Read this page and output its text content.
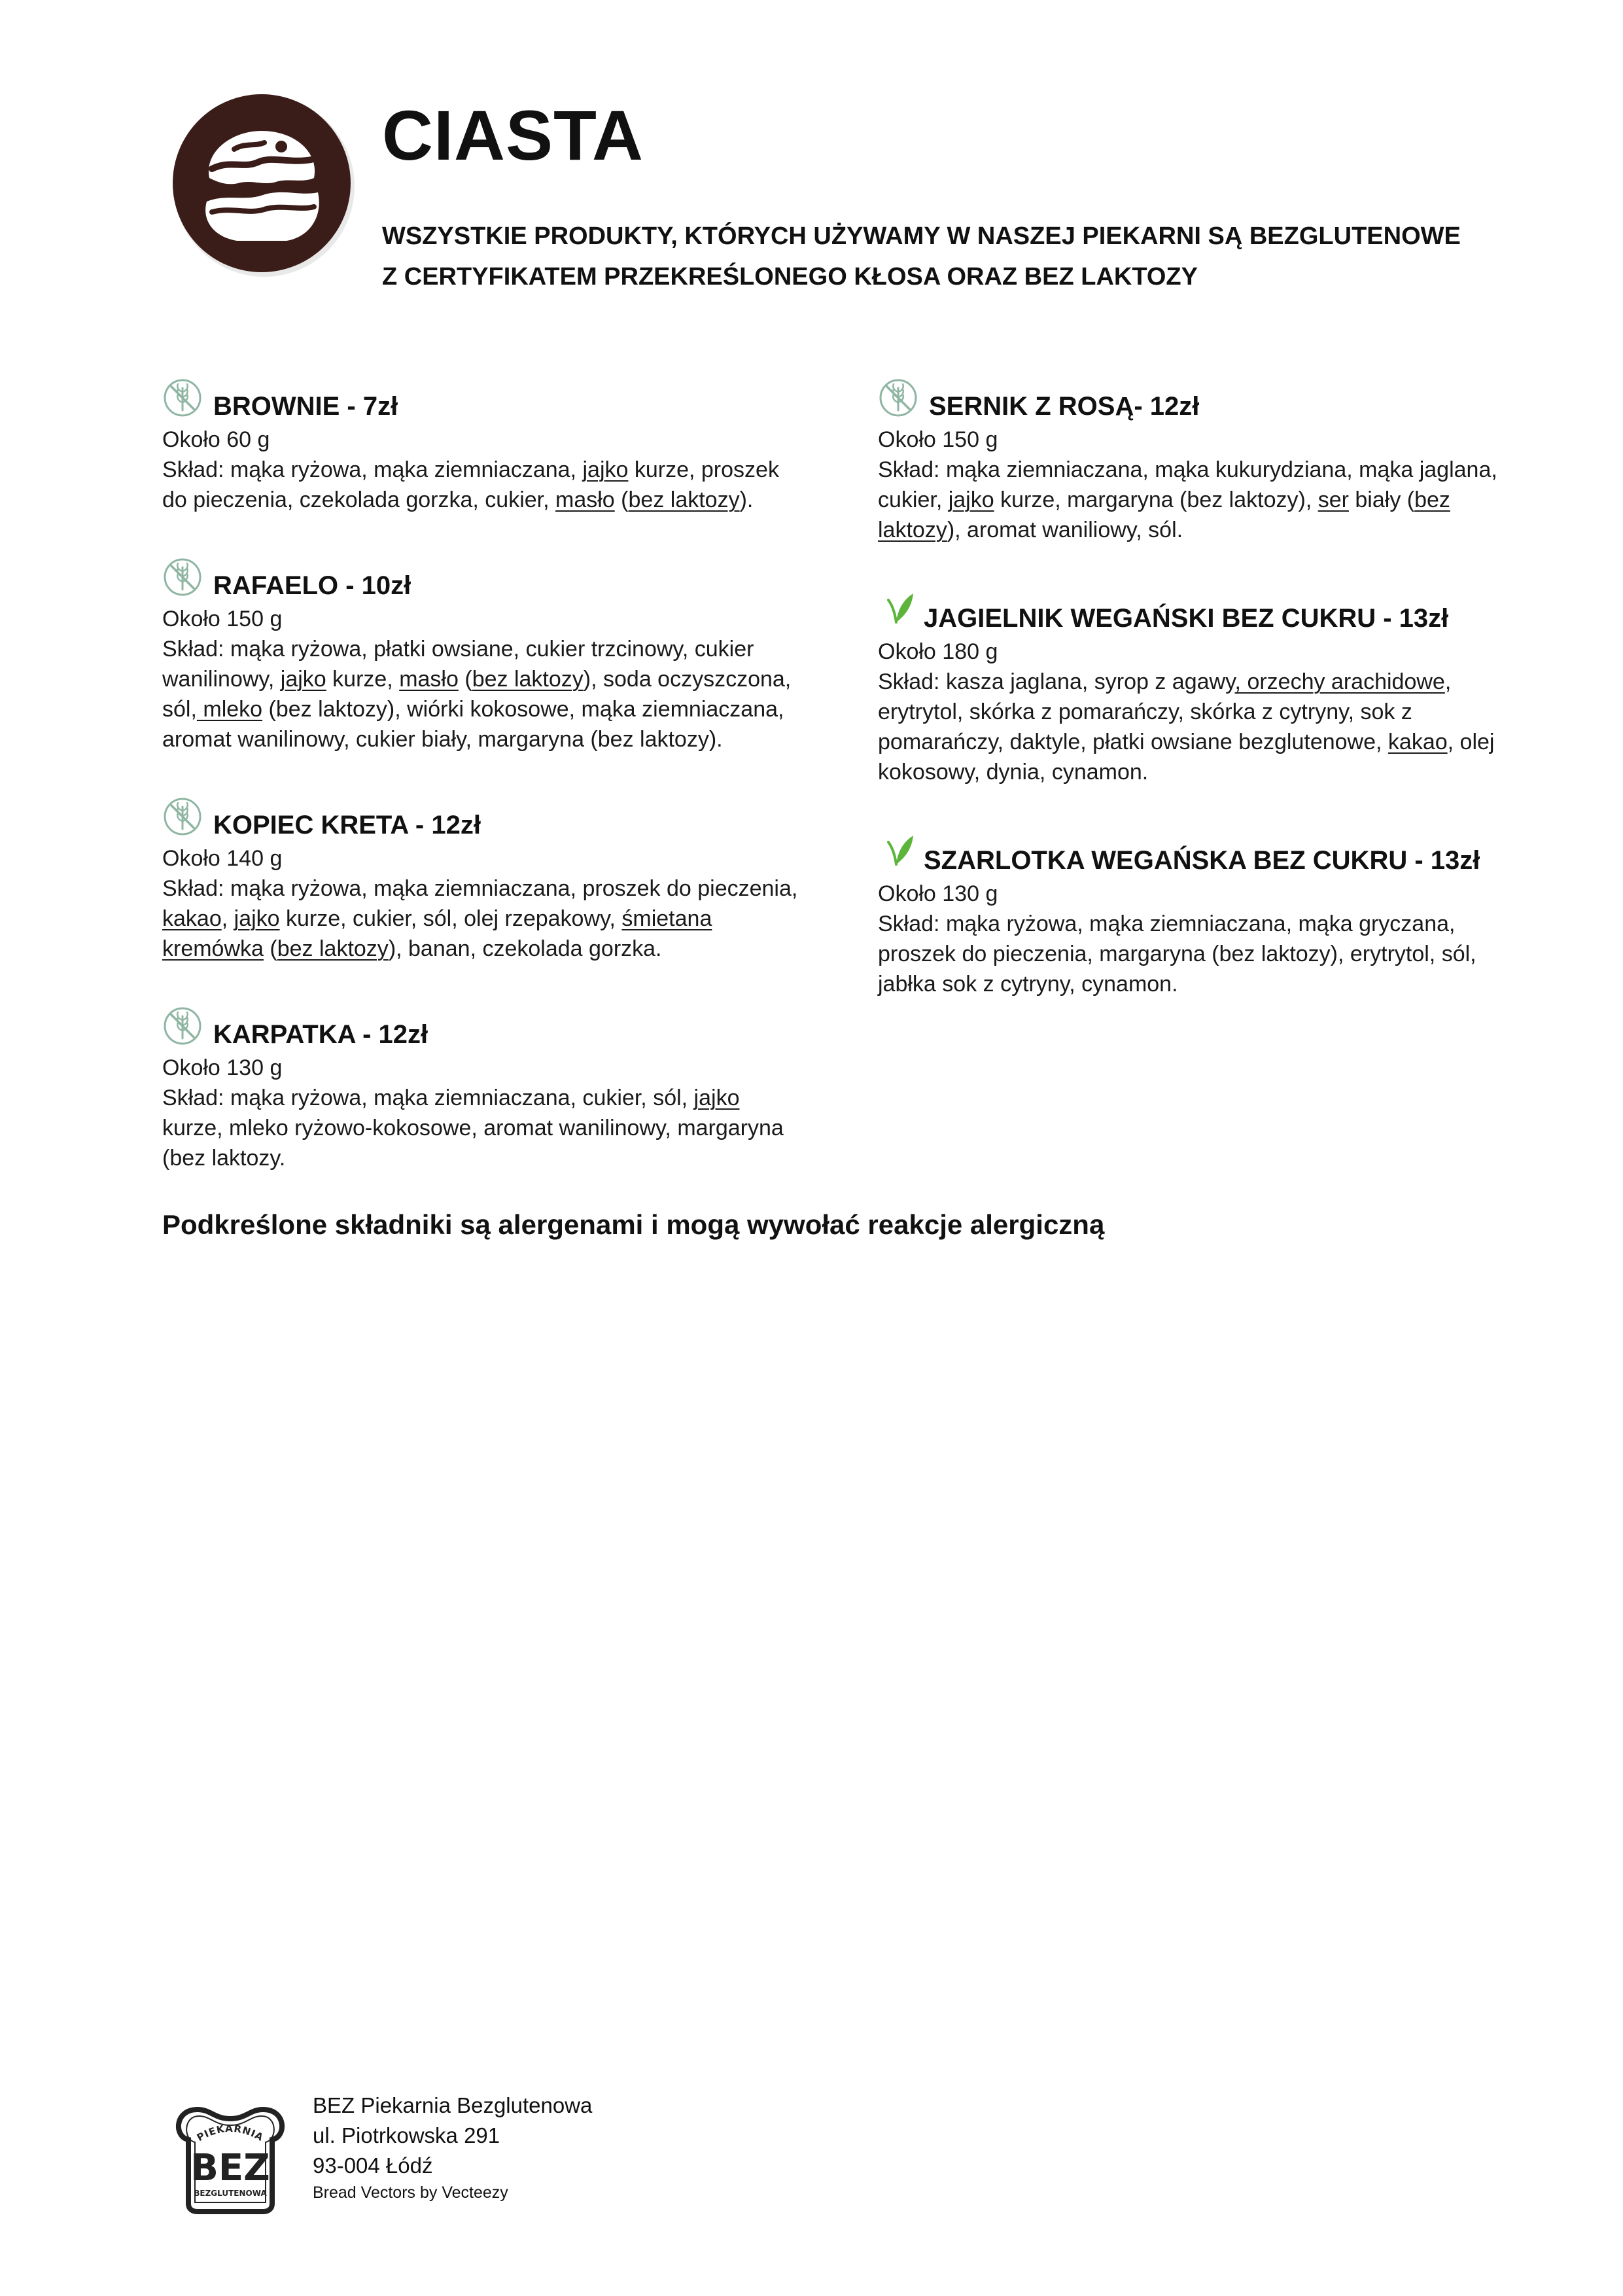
CIASTA
WSZYSTKIE PRODUKTY, KTÓRYCH UŻYWAMY W NASZEJ PIEKARNI SĄ BEZGLUTENOWE
Z CERTYFIKATEM PRZEKREŚLONEGO KŁOSA ORAZ BEZ LAKTOZY
BROWNIE - 7zł
Około 60 g
Skład: mąka ryżowa, mąka ziemniaczana, jajko kurze, proszek do pieczenia, czekolada gorzka, cukier, masło (bez laktozy).
RAFAELO - 10zł
Około 150 g
Skład: mąka ryżowa, płatki owsiane, cukier trzcinowy, cukier wanilinowy, jajko kurze, masło (bez laktozy), soda oczyszczona, sól, mleko (bez laktozy), wiórki kokosowe, mąka ziemniaczana, aromat wanilinowy, cukier biały, margaryna (bez laktozy).
KOPIEC KRETA - 12zł
Około 140 g
Skład: mąka ryżowa, mąka ziemniaczana, proszek do pieczenia, kakao, jajko kurze, cukier, sól, olej rzepakowy, śmietana kremówka (bez laktozy), banan, czekolada gorzka.
KARPATKA - 12zł
Około 130 g
Skład: mąka ryżowa, mąka ziemniaczana, cukier, sól, jajko kurze, mleko ryżowo-kokosowe, aromat wanilinowy, margaryna (bez laktozy.
SERNIK Z ROSĄ- 12zł
Około 150 g
Skład: mąka ziemniaczana, mąka kukurydziana, mąka jaglana, cukier, jajko kurze, margaryna (bez laktozy), ser biały (bez laktozy), aromat waniliowy, sól.
JAGIELNIK WEGAŃSKI BEZ CUKRU - 13zł
Około 180 g
Skład: kasza jaglana, syrop z agawy, orzechy arachidowe, erytrytol, skórka z pomarańczy, skórka z cytryny, sok z pomarańczy, daktyle, płatki owsiane bezglutenowe, kakao, olej kokosowy, dynia, cynamon.
SZARLOTKA WEGAŃSKA BEZ CUKRU - 13zł
Około 130 g
Skład: mąka ryżowa, mąka ziemniaczana, mąka gryczana, proszek do pieczenia, margaryna (bez laktozy), erytrytol, sól, jabłka sok z cytryny, cynamon.
Podkreślone składniki są alergenami i mogą wywołać reakcje alergiczną
PIEKARNIA
BEZ
BEZGLUTENOWA
BEZ Piekarnia Bezglutenowa
ul. Piotrkowska 291
93-004 Łódź
Bread Vectors by Vecteezy
